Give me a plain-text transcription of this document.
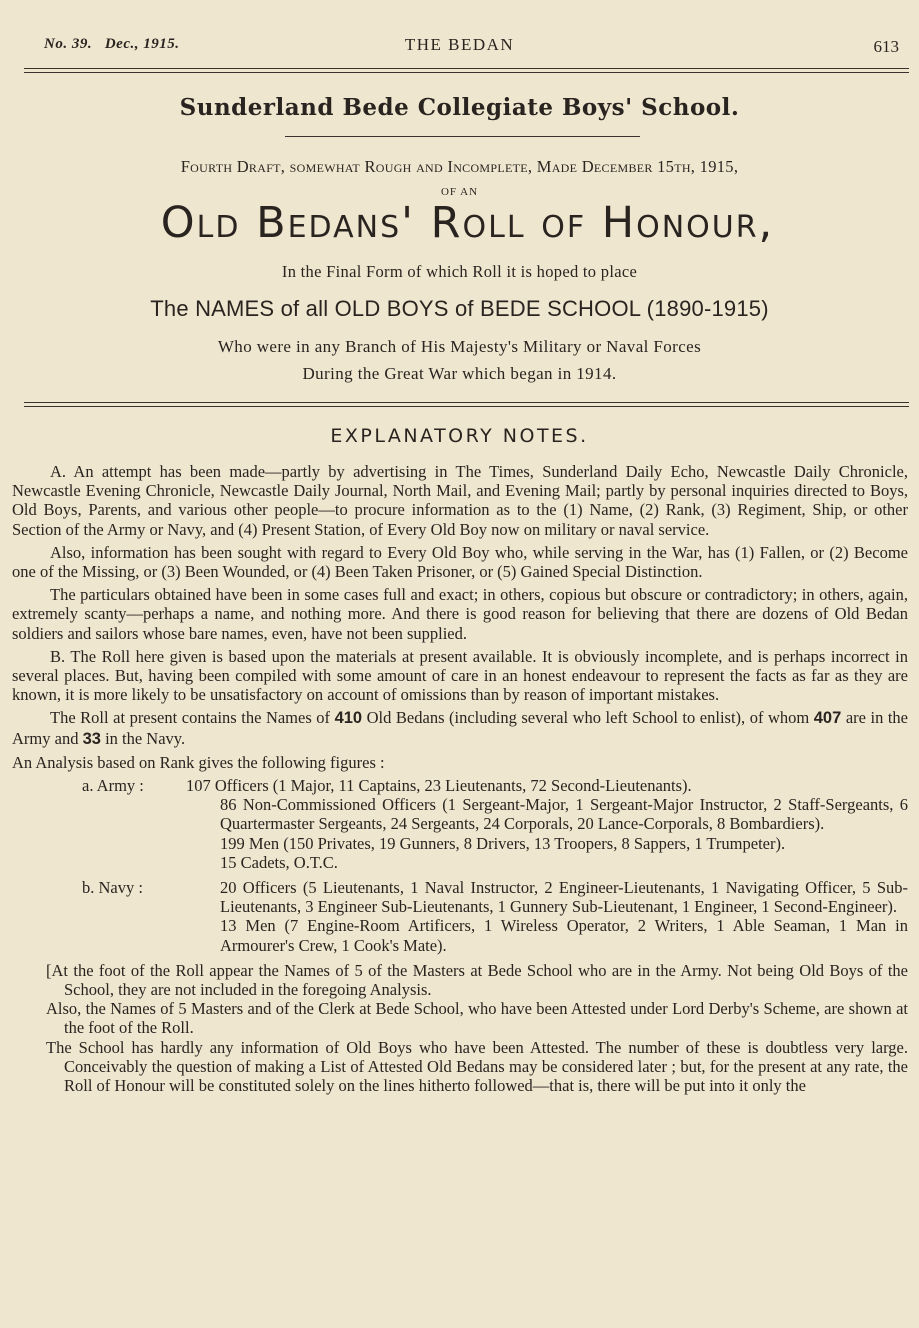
No. 39. Dec., 1915.	THE BEDAN	613
Sunderland Bede Collegiate Boys' School.
Fourth Draft, somewhat Rough and Incomplete, Made December 15th, 1915,
OF AN
Old Bedans' Roll of Honour,
In the Final Form of which Roll it is hoped to place
The NAMES of all OLD BOYS of BEDE SCHOOL (1890-1915)
Who were in any Branch of His Majesty's Military or Naval Forces
During the Great War which began in 1914.
EXPLANATORY NOTES.

A. An attempt has been made—partly by advertising in The Times, Sunderland Daily Echo, Newcastle Daily Chronicle, Newcastle Evening Chronicle, Newcastle Daily Journal, North Mail, and Evening Mail; partly by personal inquiries directed to Boys, Old Boys, Parents, and various other people—to procure information as to the (1) Name, (2) Rank, (3) Regiment, Ship, or other Section of the Army or Navy, and (4) Present Station, of Every Old Boy now on military or naval service.

Also, information has been sought with regard to Every Old Boy who, while serving in the War, has (1) Fallen, or (2) Become one of the Missing, or (3) Been Wounded, or (4) Been Taken Prisoner, or (5) Gained Special Distinction.

The particulars obtained have been in some cases full and exact; in others, copious but obscure or contradictory; in others, again, extremely scanty—perhaps a name, and nothing more. And there is good reason for believing that there are dozens of Old Bedan soldiers and sailors whose bare names, even, have not been supplied.

B. The Roll here given is based upon the materials at present available. It is obviously incomplete, and is perhaps incorrect in several places. But, having been compiled with some amount of care in an honest endeavour to represent the facts as far as they are known, it is more likely to be unsatisfactory on account of omissions than by reason of important mistakes.

The Roll at present contains the Names of 410 Old Bedans (including several who left School to enlist), of whom 407 are in the Army and 33 in the Navy.

An Analysis based on Rank gives the following figures :

a. Army :	107 Officers (1 Major, 11 Captains, 23 Lieutenants, 72 Second-Lieutenants).

86 Non-Commissioned Officers (1 Sergeant-Major, 1 Sergeant-Major Instructor, 2 Staff-Sergeants, 6 Quartermaster Sergeants, 24 Sergeants, 24 Corporals, 20 Lance-Corporals, 8 Bombardiers).

199 Men (150 Privates, 19 Gunners, 8 Drivers, 13 Troopers, 8 Sappers, 1 Trumpeter).

15 Cadets, O.T.C.

b. Navy :	20 Officers (5 Lieutenants, 1 Naval Instructor, 2 Engineer-Lieutenants, 1 Navigating Officer, 5 Sub-Lieutenants, 3 Engineer Sub-Lieutenants, 1 Gunnery Sub-Lieutenant, 1 Engineer, 1 Second-Engineer).

13 Men (7 Engine-Room Artificers, 1 Wireless Operator, 2 Writers, 1 Able Seaman, 1 Man in Armourer's Crew, 1 Cook's Mate).

[At the foot of the Roll appear the Names of 5 of the Masters at Bede School who are in the Army. Not being Old Boys of the School, they are not included in the foregoing Analysis.

Also, the Names of 5 Masters and of the Clerk at Bede School, who have been Attested under Lord Derby's Scheme, are shown at the foot of the Roll.

The School has hardly any information of Old Boys who have been Attested. The number of these is doubtless very large. Conceivably the question of making a List of Attested Old Bedans may be considered later ; but, for the present at any rate, the Roll of Honour will be constituted solely on the lines hitherto followed—that is, there will be put into it only the
